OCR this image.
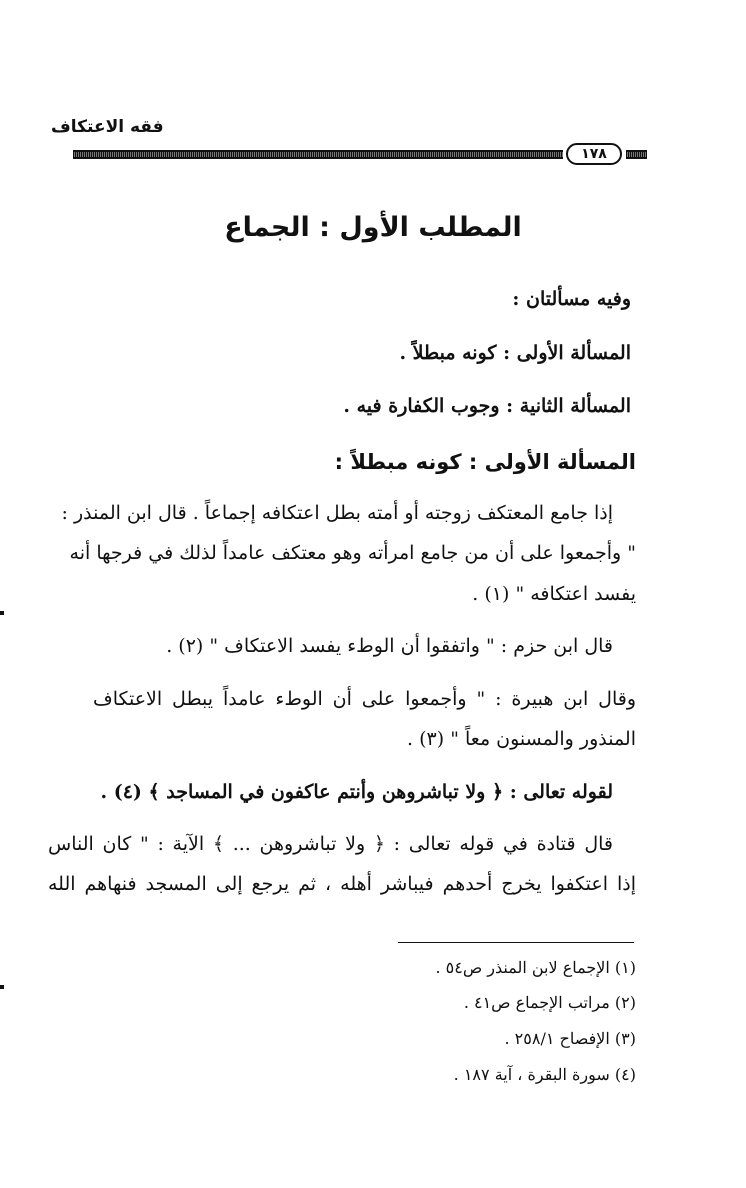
فقه الاعتكاف
١٧٨
المطلب الأول : الجماع
وفيه مسألتان :
المسألة الأولى : كونه مبطلاً .
المسألة الثانية : وجوب الكفارة فيه .
المسألة الأولى : كونه مبطلاً :
إذا جامع المعتكف زوجته أو أمته بطل اعتكافه إجماعاً . قال ابن المنذر :
" وأجمعوا على أن من جامع امرأته وهو معتكف عامداً لذلك في فرجها أنه
يفسد اعتكافه " (١) .
قال ابن حزم : " واتفقوا أن الوطء يفسد الاعتكاف " (٢) .
وقال ابن هبيرة : " وأجمعوا على أن الوطء عامداً يبطل الاعتكاف
المنذور والمسنون معاً " (٣) .
لقوله تعالى : ﴿ ولا تباشروهن وأنتم عاكفون في المساجد ﴾ (٤) .
قال قتادة في قوله تعالى : ﴿ ولا تباشروهن ... ﴾ الآية : " كان الناس
إذا اعتكفوا يخرج أحدهم فيباشر أهله ، ثم يرجع إلى المسجد فنهاهم الله
(١) الإجماع لابن المنذر ص٥٤ .
(٢) مراتب الإجماع ص٤١ .
(٣) الإفصاح ٢٥٨/١ .
(٤) سورة البقرة ، آية ١٨٧ .
